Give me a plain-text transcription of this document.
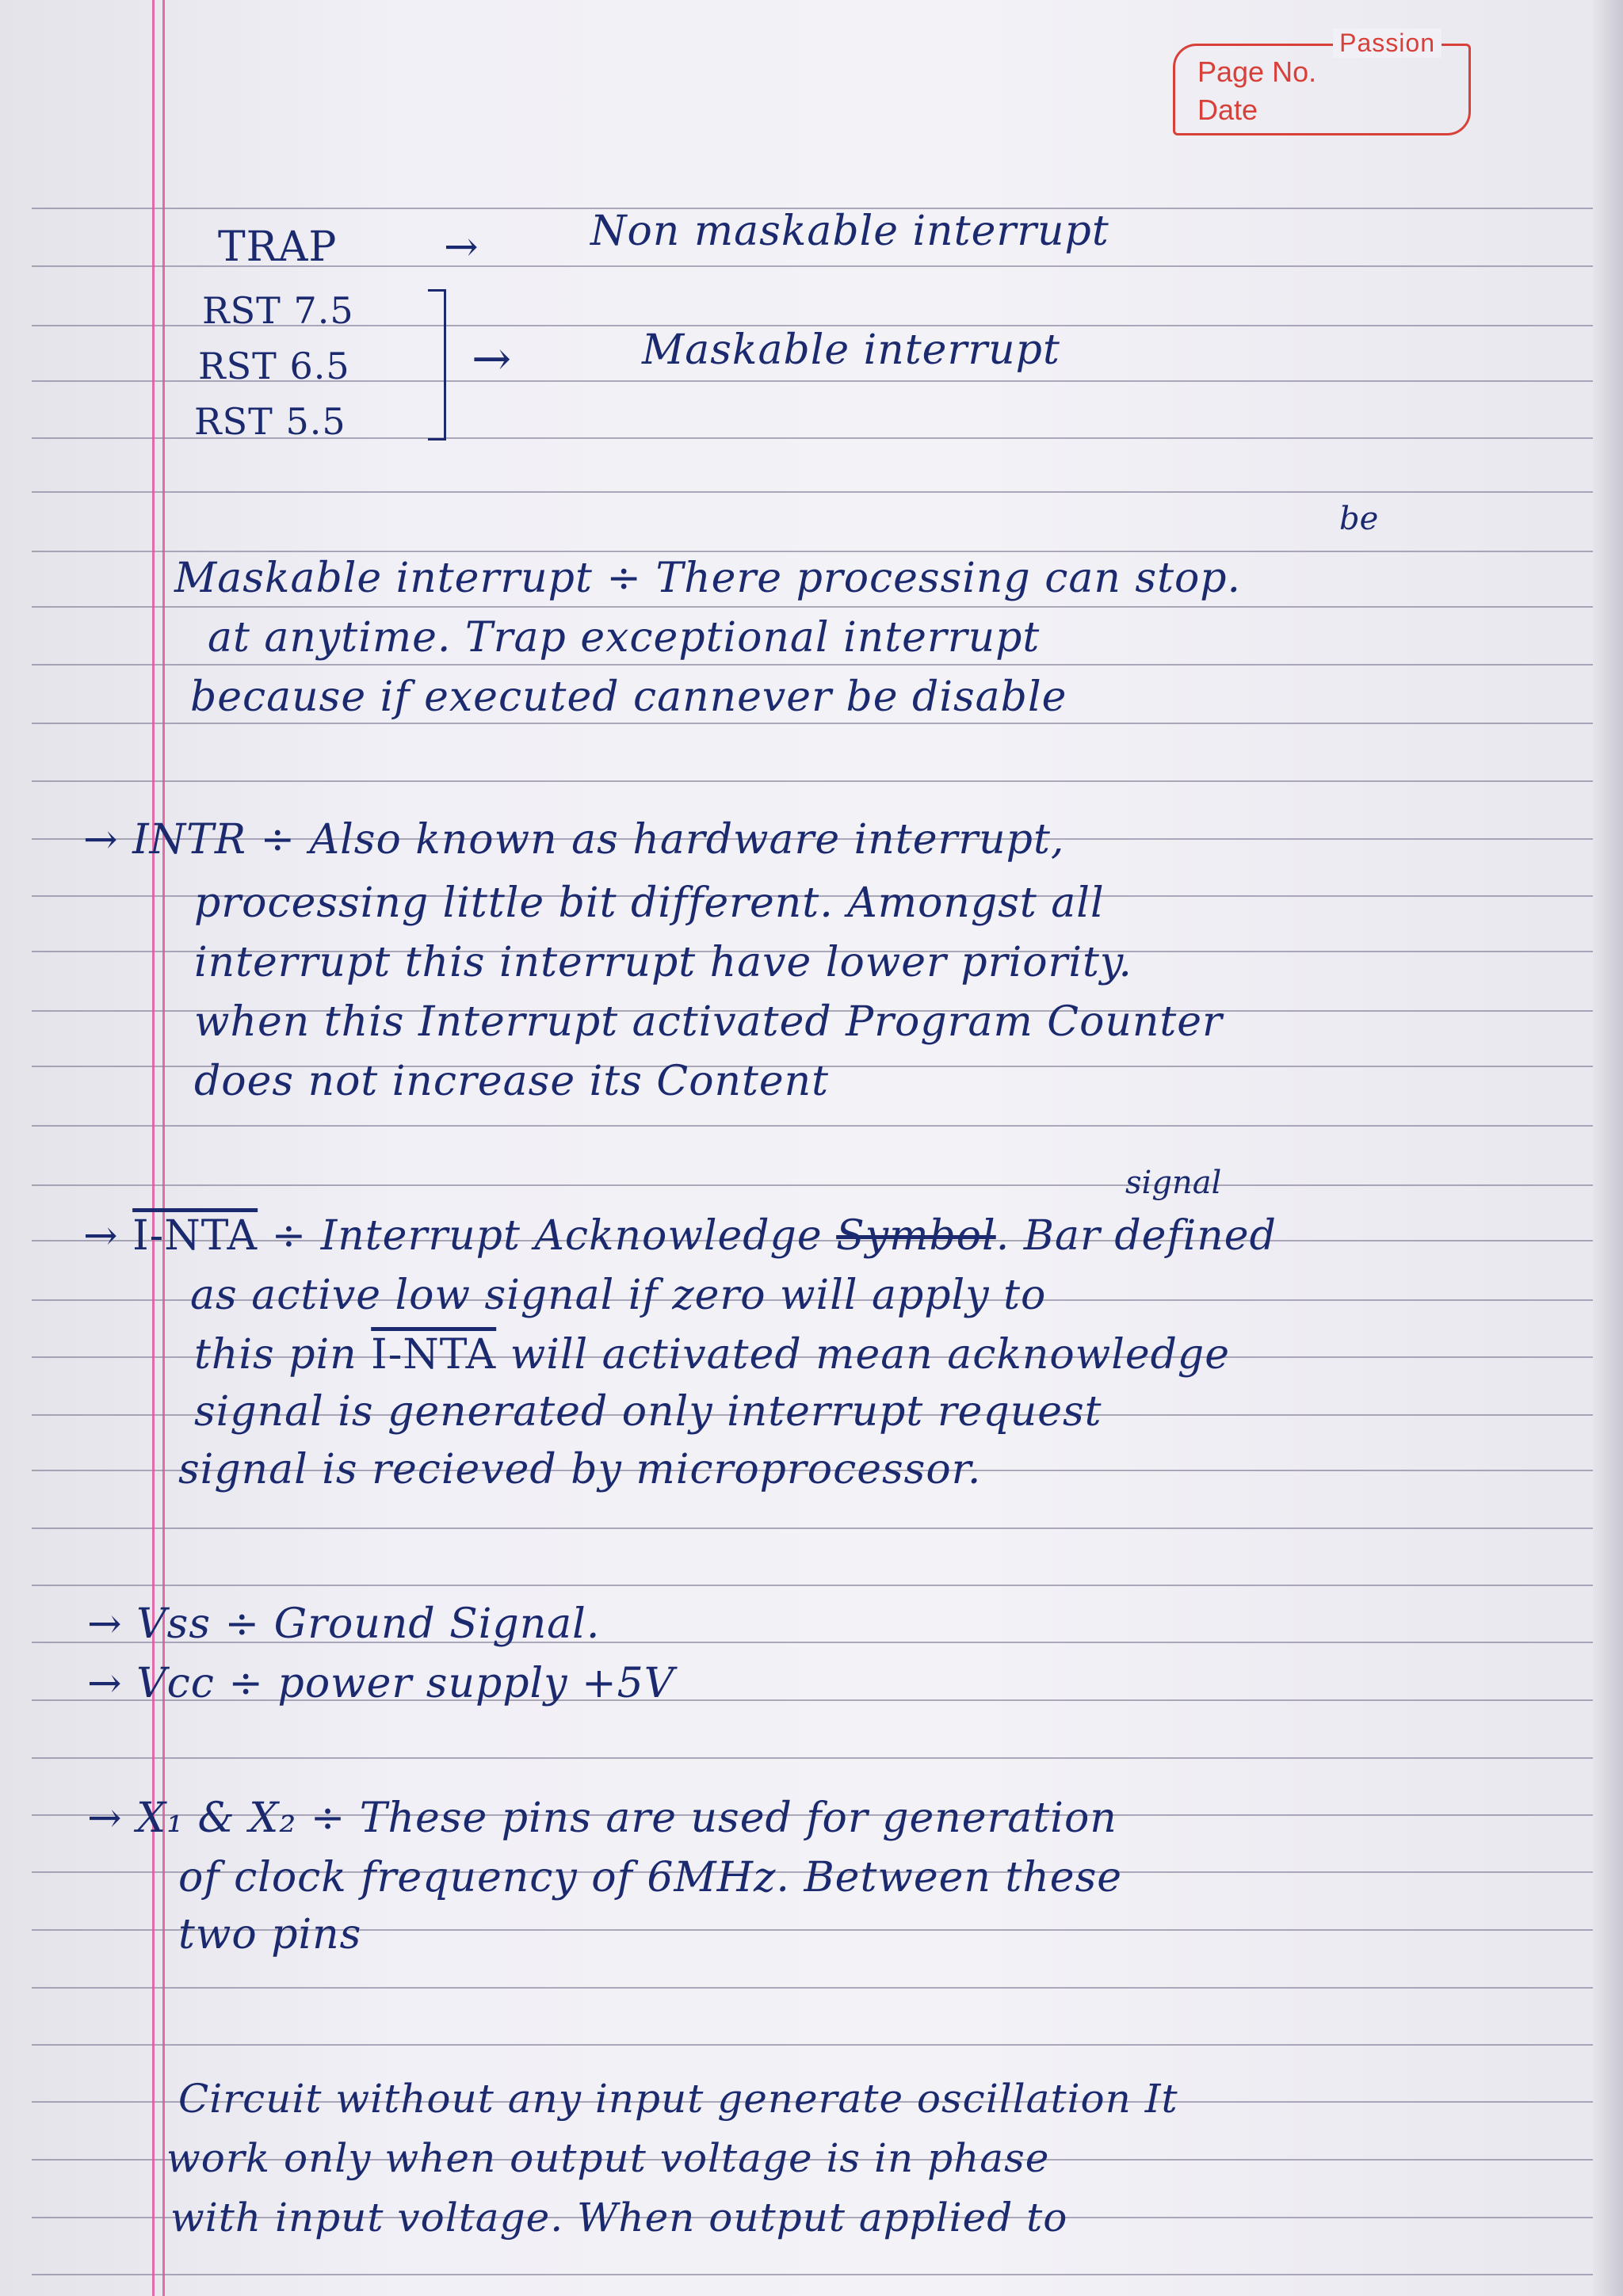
Passion
Page No.
Date
TRAP	→	Non maskable interrupt
RST 7.5
RST 6.5
RST 5.5
→	Maskable interrupt
be
Maskable interrupt ÷ There processing can stop.
at anytime. Trap exceptional interrupt
because if executed cannever be disable
→ INTR ÷ Also known as hardware interrupt,
processing little bit different. Amongst all
interrupt this interrupt have lower priority.
when this Interrupt activated Program Counter
does not increase its Content
signal
→ I-NTA ÷ Interrupt Acknowledge Symbol. Bar defined
as active low signal if zero will apply to
this pin I-NTA will activated mean acknowledge
signal is generated only interrupt request
signal is recieved by microprocessor.
→ Vss ÷ Ground Signal.
→ Vcc ÷ power supply +5V
→ X₁ & X₂ ÷ These pins are used for generation
of clock frequency of 6MHz. Between these
two pins
Circuit without any input generate oscillation It
work only when output voltage is in phase
with input voltage. When output applied to
